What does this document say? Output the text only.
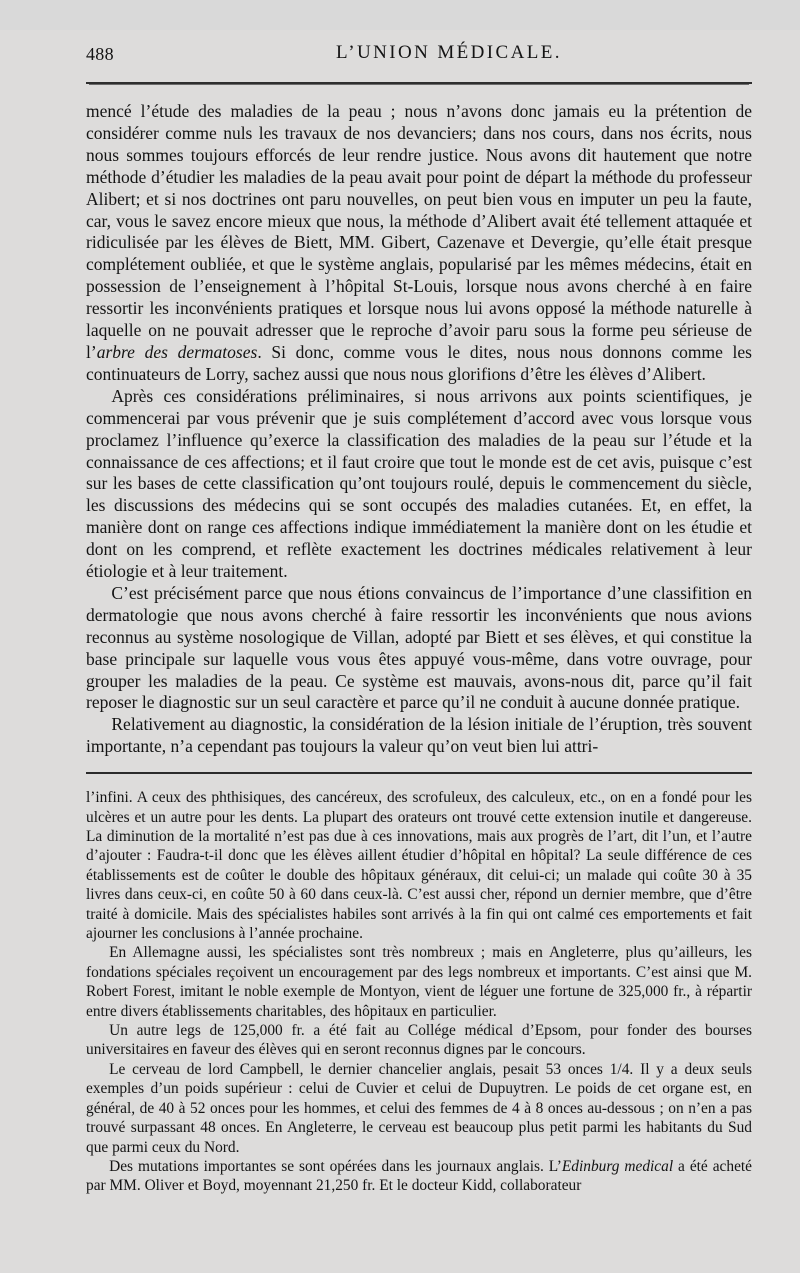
488	L’UNION MÉDICALE.

mencé l’étude des maladies de la peau ; nous n’avons donc jamais eu la prétention de considérer comme nuls les travaux de nos devanciers; dans nos cours, dans nos écrits, nous nous sommes toujours efforcés de leur rendre justice. Nous avons dit hautement que notre méthode d’étudier les maladies de la peau avait pour point de départ la méthode du professeur Alibert; et si nos doctrines ont paru nouvelles, on peut bien vous en imputer un peu la faute, car, vous le savez encore mieux que nous, la méthode d’Alibert avait été tellement attaquée et ridiculisée par les élèves de Biett, MM. Gibert, Cazenave et Devergie, qu’elle était presque complétement oubliée, et que le système anglais, popularisé par les mêmes médecins, était en possession de l’enseignement à l’hôpital St-Louis, lorsque nous avons cherché à en faire ressortir les inconvénients pratiques et lorsque nous lui avons opposé la méthode naturelle à laquelle on ne pouvait adresser que le reproche d’avoir paru sous la forme peu sérieuse de l’arbre des dermatoses. Si donc, comme vous le dites, nous nous donnons comme les continuateurs de Lorry, sachez aussi que nous nous glorifions d’être les élèves d’Alibert.

Après ces considérations préliminaires, si nous arrivons aux points scientifiques, je commencerai par vous prévenir que je suis complétement d’accord avec vous lorsque vous proclamez l’influence qu’exerce la classification des maladies de la peau sur l’étude et la connaissance de ces affections; et il faut croire que tout le monde est de cet avis, puisque c’est sur les bases de cette classification qu’ont toujours roulé, depuis le commencement du siècle, les discussions des médecins qui se sont occupés des maladies cutanées. Et, en effet, la manière dont on range ces affections indique immédiatement la manière dont on les étudie et dont on les comprend, et reflète exactement les doctrines médicales relativement à leur étiologie et à leur traitement.

C’est précisément parce que nous étions convaincus de l’importance d’une classifition en dermatologie que nous avons cherché à faire ressortir les inconvénients que nous avions reconnus au système nosologique de Villan, adopté par Biett et ses élèves, et qui constitue la base principale sur laquelle vous vous êtes appuyé vous-même, dans votre ouvrage, pour grouper les maladies de la peau. Ce système est mauvais, avons-nous dit, parce qu’il fait reposer le diagnostic sur un seul caractère et parce qu’il ne conduit à aucune donnée pratique.

Relativement au diagnostic, la considération de la lésion initiale de l’éruption, très souvent importante, n’a cependant pas toujours la valeur qu’on veut bien lui attri-

l’infini. A ceux des phthisiques, des cancéreux, des scrofuleux, des calculeux, etc., on en a fondé pour les ulcères et un autre pour les dents. La plupart des orateurs ont trouvé cette extension inutile et dangereuse. La diminution de la mortalité n’est pas due à ces innovations, mais aux progrès de l’art, dit l’un, et l’autre d’ajouter : Faudra-t-il donc que les élèves aillent étudier d’hôpital en hôpital? La seule différence de ces établissements est de coûter le double des hôpitaux généraux, dit celui-ci; un malade qui coûte 30 à 35 livres dans ceux-ci, en coûte 50 à 60 dans ceux-là. C’est aussi cher, répond un dernier membre, que d’être traité à domicile. Mais des spécialistes habiles sont arrivés à la fin qui ont calmé ces emportements et fait ajourner les conclusions à l’année prochaine.

En Allemagne aussi, les spécialistes sont très nombreux ; mais en Angleterre, plus qu’ailleurs, les fondations spéciales reçoivent un encouragement par des legs nombreux et importants. C’est ainsi que M. Robert Forest, imitant le noble exemple de Montyon, vient de léguer une fortune de 325,000 fr., à répartir entre divers établissements charitables, des hôpitaux en particulier.

Un autre legs de 125,000 fr. a été fait au Collége médical d’Epsom, pour fonder des bourses universitaires en faveur des élèves qui en seront reconnus dignes par le concours.

Le cerveau de lord Campbell, le dernier chancelier anglais, pesait 53 onces 1/4. Il y a deux seuls exemples d’un poids supérieur : celui de Cuvier et celui de Dupuytren. Le poids de cet organe est, en général, de 40 à 52 onces pour les hommes, et celui des femmes de 4 à 8 onces au-dessous ; on n’en a pas trouvé surpassant 48 onces. En Angleterre, le cerveau est beaucoup plus petit parmi les habitants du Sud que parmi ceux du Nord.

Des mutations importantes se sont opérées dans les journaux anglais. L’Edinburg medical a été acheté par MM. Oliver et Boyd, moyennant 21,250 fr. Et le docteur Kidd, collaborateur
